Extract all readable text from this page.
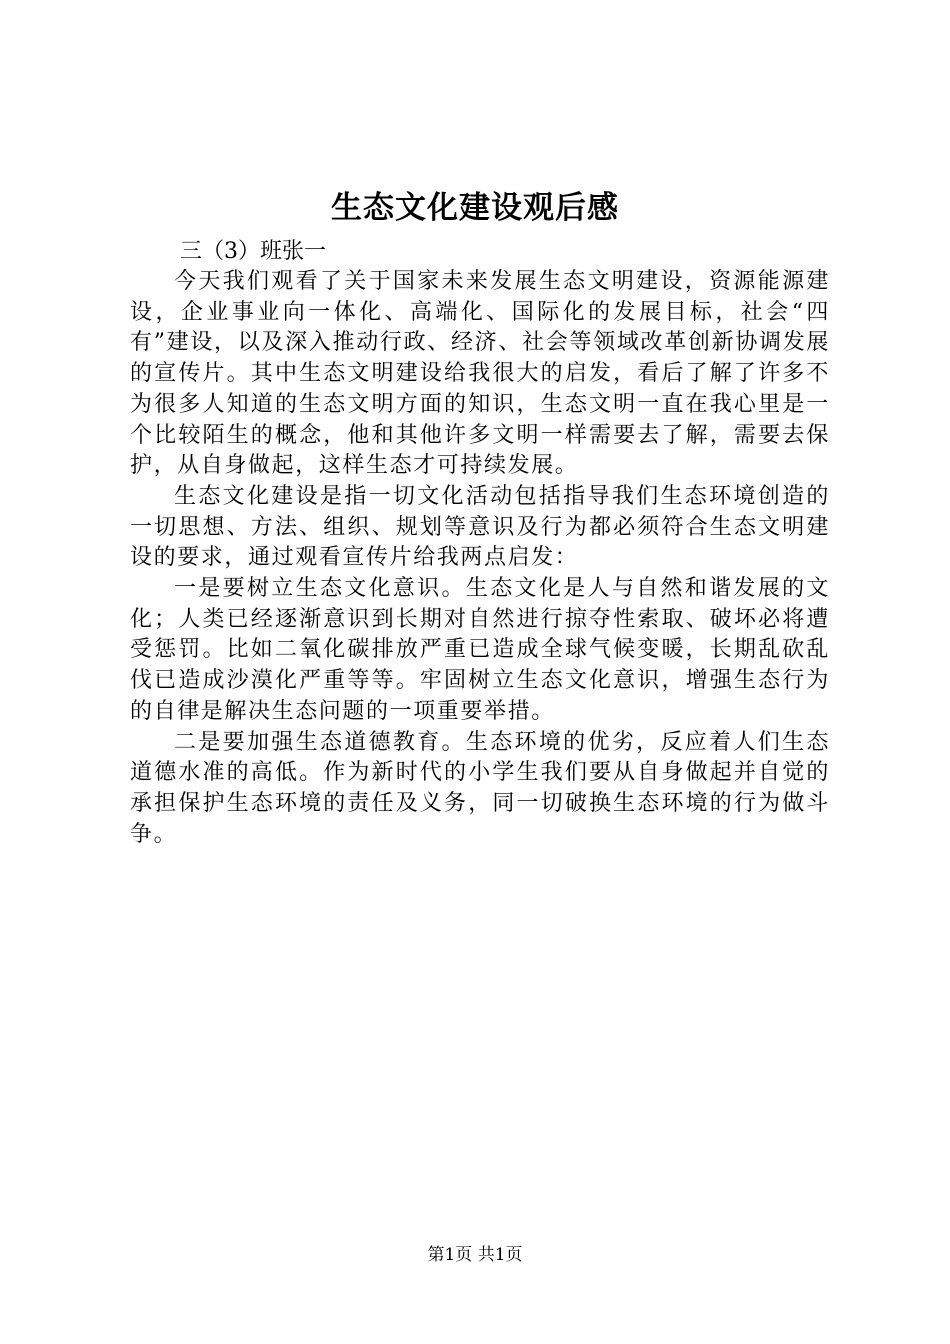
生态文化建设观后感

三（3）班张一

今天我们观看了关于国家未来发展生态文明建设，资源能源建设，企业事业向一体化、高端化、国际化的发展目标，社会“四有”建设，以及深入推动行政、经济、社会等领域改革创新协调发展的宣传片。其中生态文明建设给我很大的启发，看后了解了许多不为很多人知道的生态文明方面的知识，生态文明一直在我心里是一个比较陌生的概念，他和其他许多文明一样需要去了解，需要去保护，从自身做起，这样生态才可持续发展。

生态文化建设是指一切文化活动包括指导我们生态环境创造的一切思想、方法、组织、规划等意识及行为都必须符合生态文明建设的要求，通过观看宣传片给我两点启发：

一是要树立生态文化意识。生态文化是人与自然和谐发展的文化；人类已经逐渐意识到长期对自然进行掠夺性索取、破坏必将遭受惩罚。比如二氧化碳排放严重已造成全球气候变暖，长期乱砍乱伐已造成沙漠化严重等等。牢固树立生态文化意识，增强生态行为的自律是解决生态问题的一项重要举措。

二是要加强生态道德教育。生态环境的优劣，反应着人们生态道德水准的高低。作为新时代的小学生我们要从自身做起并自觉的承担保护生态环境的责任及义务，同一切破换生态环境的行为做斗争。

第1页 共1页
